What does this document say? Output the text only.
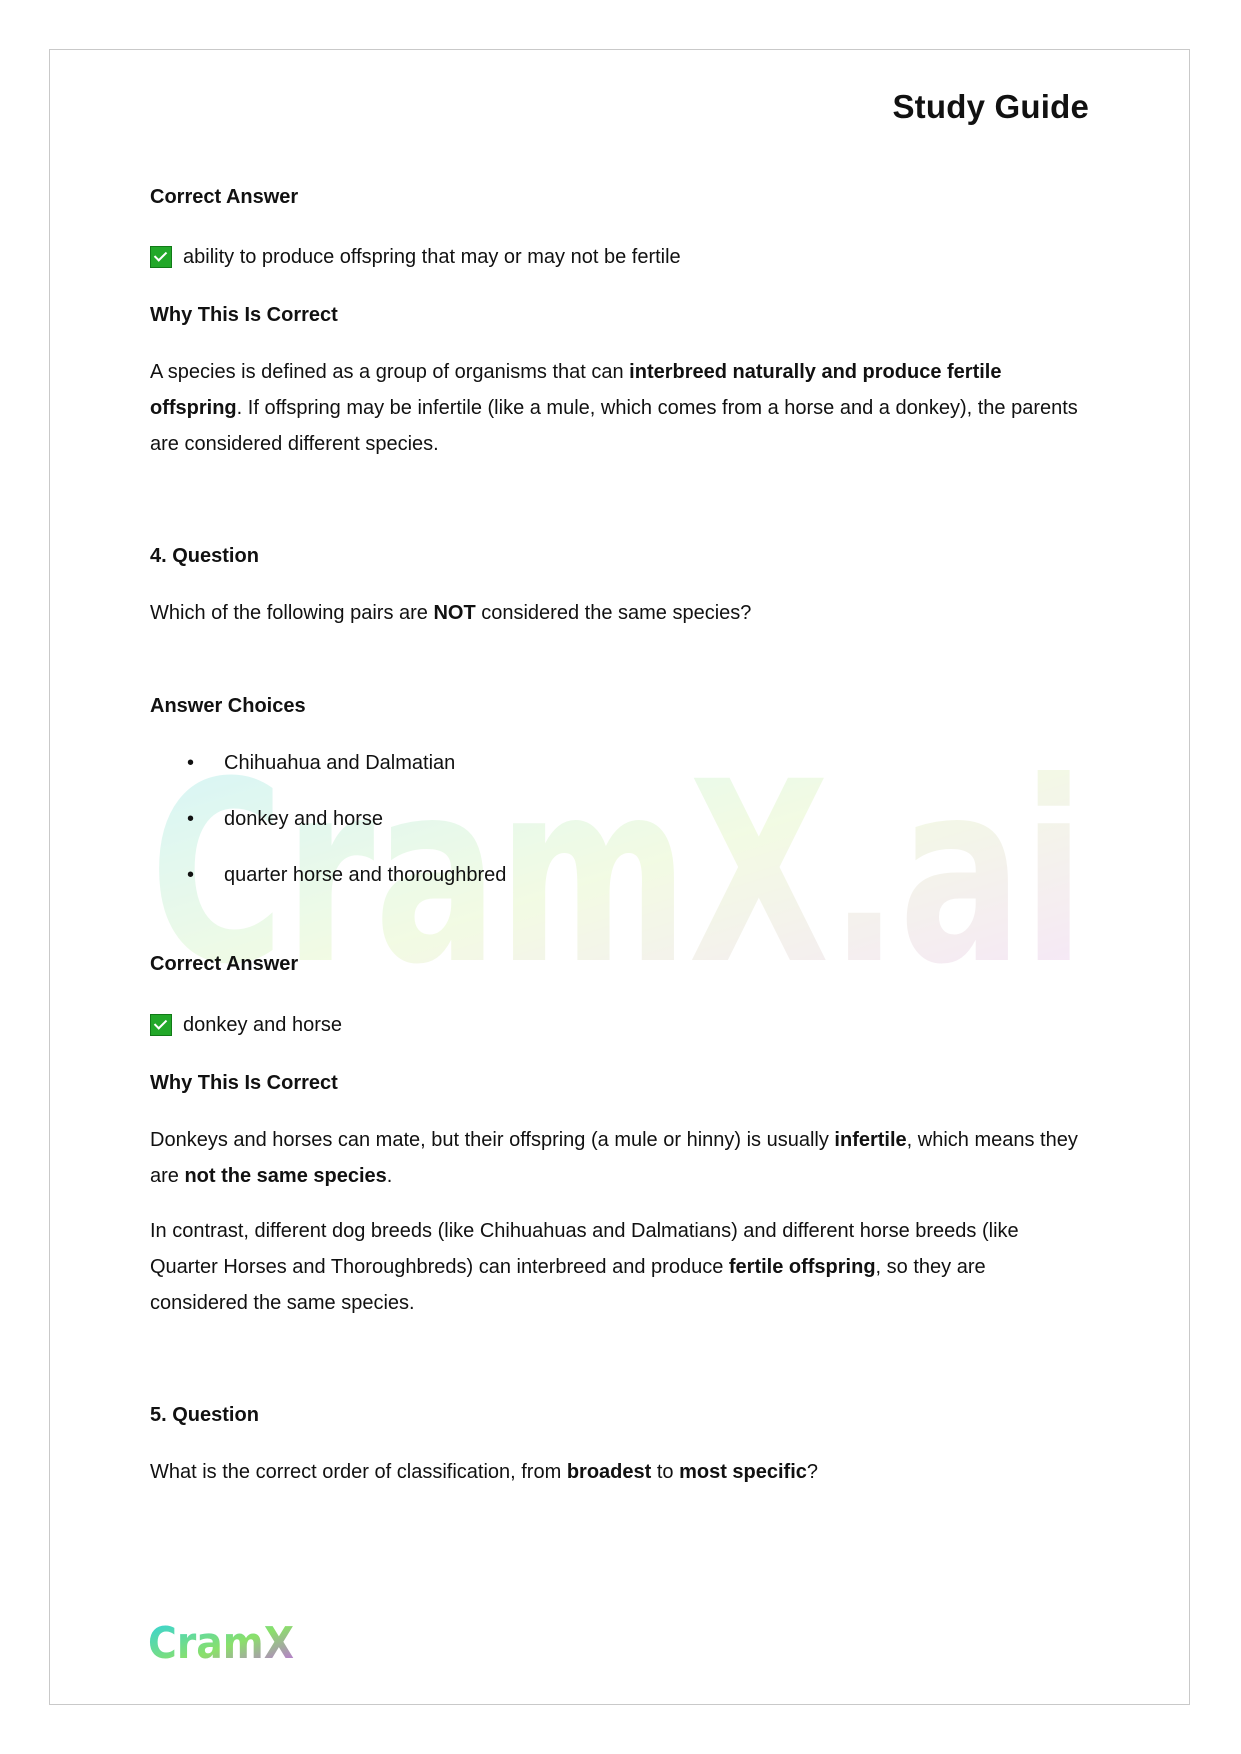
CramX.ai
Study Guide
Correct Answer
ability to produce offspring that may or may not be fertile
Why This Is Correct

A species is defined as a group of organisms that can interbreed naturally and produce fertile offspring. If offspring may be infertile (like a mule, which comes from a horse and a donkey), the parents are considered different species.

4. Question

Which of the following pairs are NOT considered the same species?

Answer Choices
• Chihuahua and Dalmatian
• donkey and horse
• quarter horse and thoroughbred
Correct Answer
donkey and horse
Why This Is Correct

Donkeys and horses can mate, but their offspring (a mule or hinny) is usually infertile, which means they are not the same species.

In contrast, different dog breeds (like Chihuahuas and Dalmatians) and different horse breeds (like Quarter Horses and Thoroughbreds) can interbreed and produce fertile offspring, so they are considered the same species.

5. Question

What is the correct order of classification, from broadest to most specific?

CramX
